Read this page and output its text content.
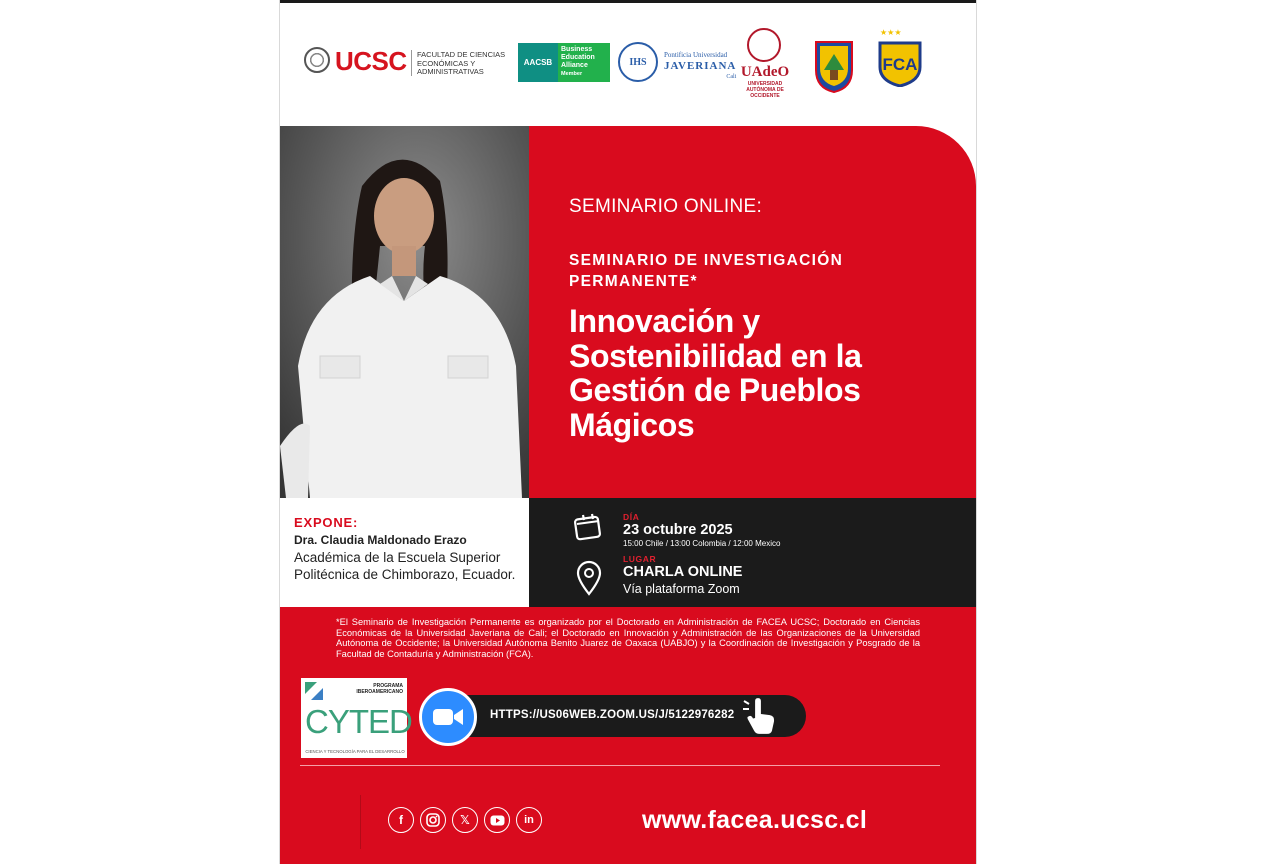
UCSC FACULTAD DE CIENCIAS ECONÓMICAS Y ADMINISTRATIVAS
AACSB
Business Education Alliance
Member
IHS
Pontificia Universidad
JAVERIANA
Cali UAdeO
UNIVERSIDAD AUTÓNOMA DE OCCIDENTE
★★★
FCA
SEMINARIO ONLINE:
SEMINARIO DE INVESTIGACIÓN PERMANENTE*
Innovación y Sostenibilidad en la Gestión de Pueblos Mágicos
EXPONE:
Dra. Claudia Maldonado Erazo
Académica de la Escuela Superior Politécnica de Chimborazo, Ecuador.
DÍA
23 octubre 2025
15:00 Chile / 13:00 Colombia / 12:00 Mexico
LUGAR
CHARLA ONLINE
Vía plataforma Zoom
*El Seminario de Investigación Permanente es organizado por el Doctorado en Administración de FACEA UCSC; Doctorado en Ciencias Económicas de la Universidad Javeriana de Cali; el Doctorado en Innovación y Administración de las Organizaciones de la Universidad Autónoma de Occidente; la Universidad Autónoma Benito Juarez de Oaxaca (UABJO) y la Coordinación de Investigación y Posgrado de la Facultad de Contaduría y Administración (FCA).
PROGRAMA IBEROAMERICANO
CYTED
CIENCIA Y TECNOLOGÍA PARA EL DESARROLLO
HTTPS://US06WEB.ZOOM.US/J/5122976282
f	𝕏	in	www.facea.ucsc.cl
